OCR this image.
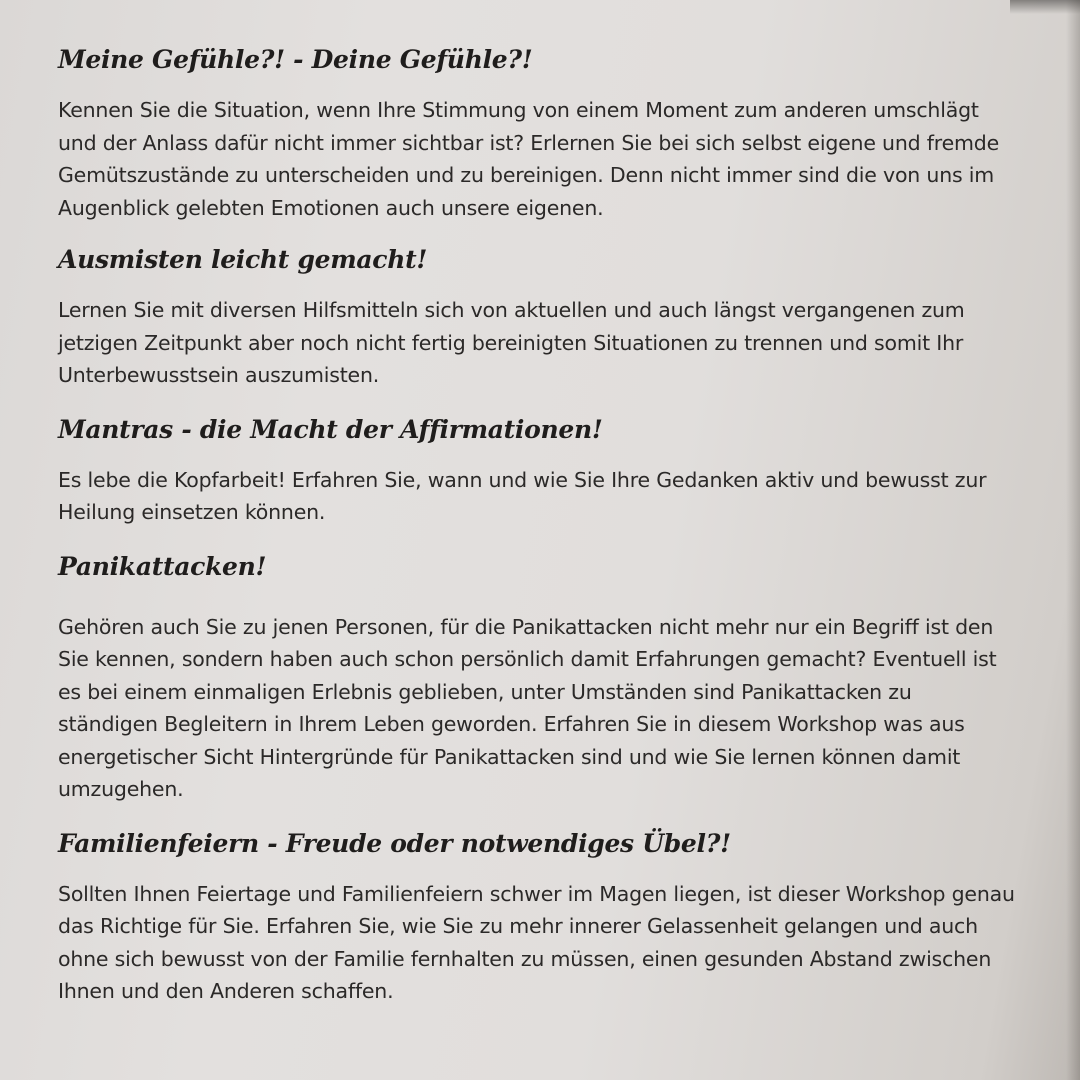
Meine Gefühle?! - Deine Gefühle?!

Kennen Sie die Situation, wenn Ihre Stimmung von einem Moment zum anderen umschlägt und der Anlass dafür nicht immer sichtbar ist? Erlernen Sie bei sich selbst eigene und fremde Gemütszustände zu unterscheiden und zu bereinigen. Denn nicht immer sind die von uns im Augenblick gelebten Emotionen auch unsere eigenen.

Ausmisten leicht gemacht!

Lernen Sie mit diversen Hilfsmitteln sich von aktuellen und auch längst vergangenen zum jetzigen Zeitpunkt aber noch nicht fertig bereinigten Situationen zu trennen und somit Ihr Unterbewusstsein auszumisten.

Mantras - die Macht der Affirmationen!

Es lebe die Kopfarbeit! Erfahren Sie, wann und wie Sie Ihre Gedanken aktiv und bewusst zur Heilung einsetzen können.

Panikattacken!

Gehören auch Sie zu jenen Personen, für die Panikattacken nicht mehr nur ein Begriff ist den Sie kennen, sondern haben auch schon persönlich damit Erfahrungen gemacht? Eventuell ist es bei einem einmaligen Erlebnis geblieben, unter Umständen sind Panikattacken zu ständigen Begleitern in Ihrem Leben geworden. Erfahren Sie in diesem Workshop was aus energetischer Sicht Hintergründe für Panikattacken sind und wie Sie lernen können damit umzugehen.

Familienfeiern - Freude oder notwendiges Übel?!

Sollten Ihnen Feiertage und Familienfeiern schwer im Magen liegen, ist dieser Workshop genau das Richtige für Sie. Erfahren Sie, wie Sie zu mehr innerer Gelassenheit gelangen und auch ohne sich bewusst von der Familie fernhalten zu müssen, einen gesunden Abstand zwischen Ihnen und den Anderen schaffen.
